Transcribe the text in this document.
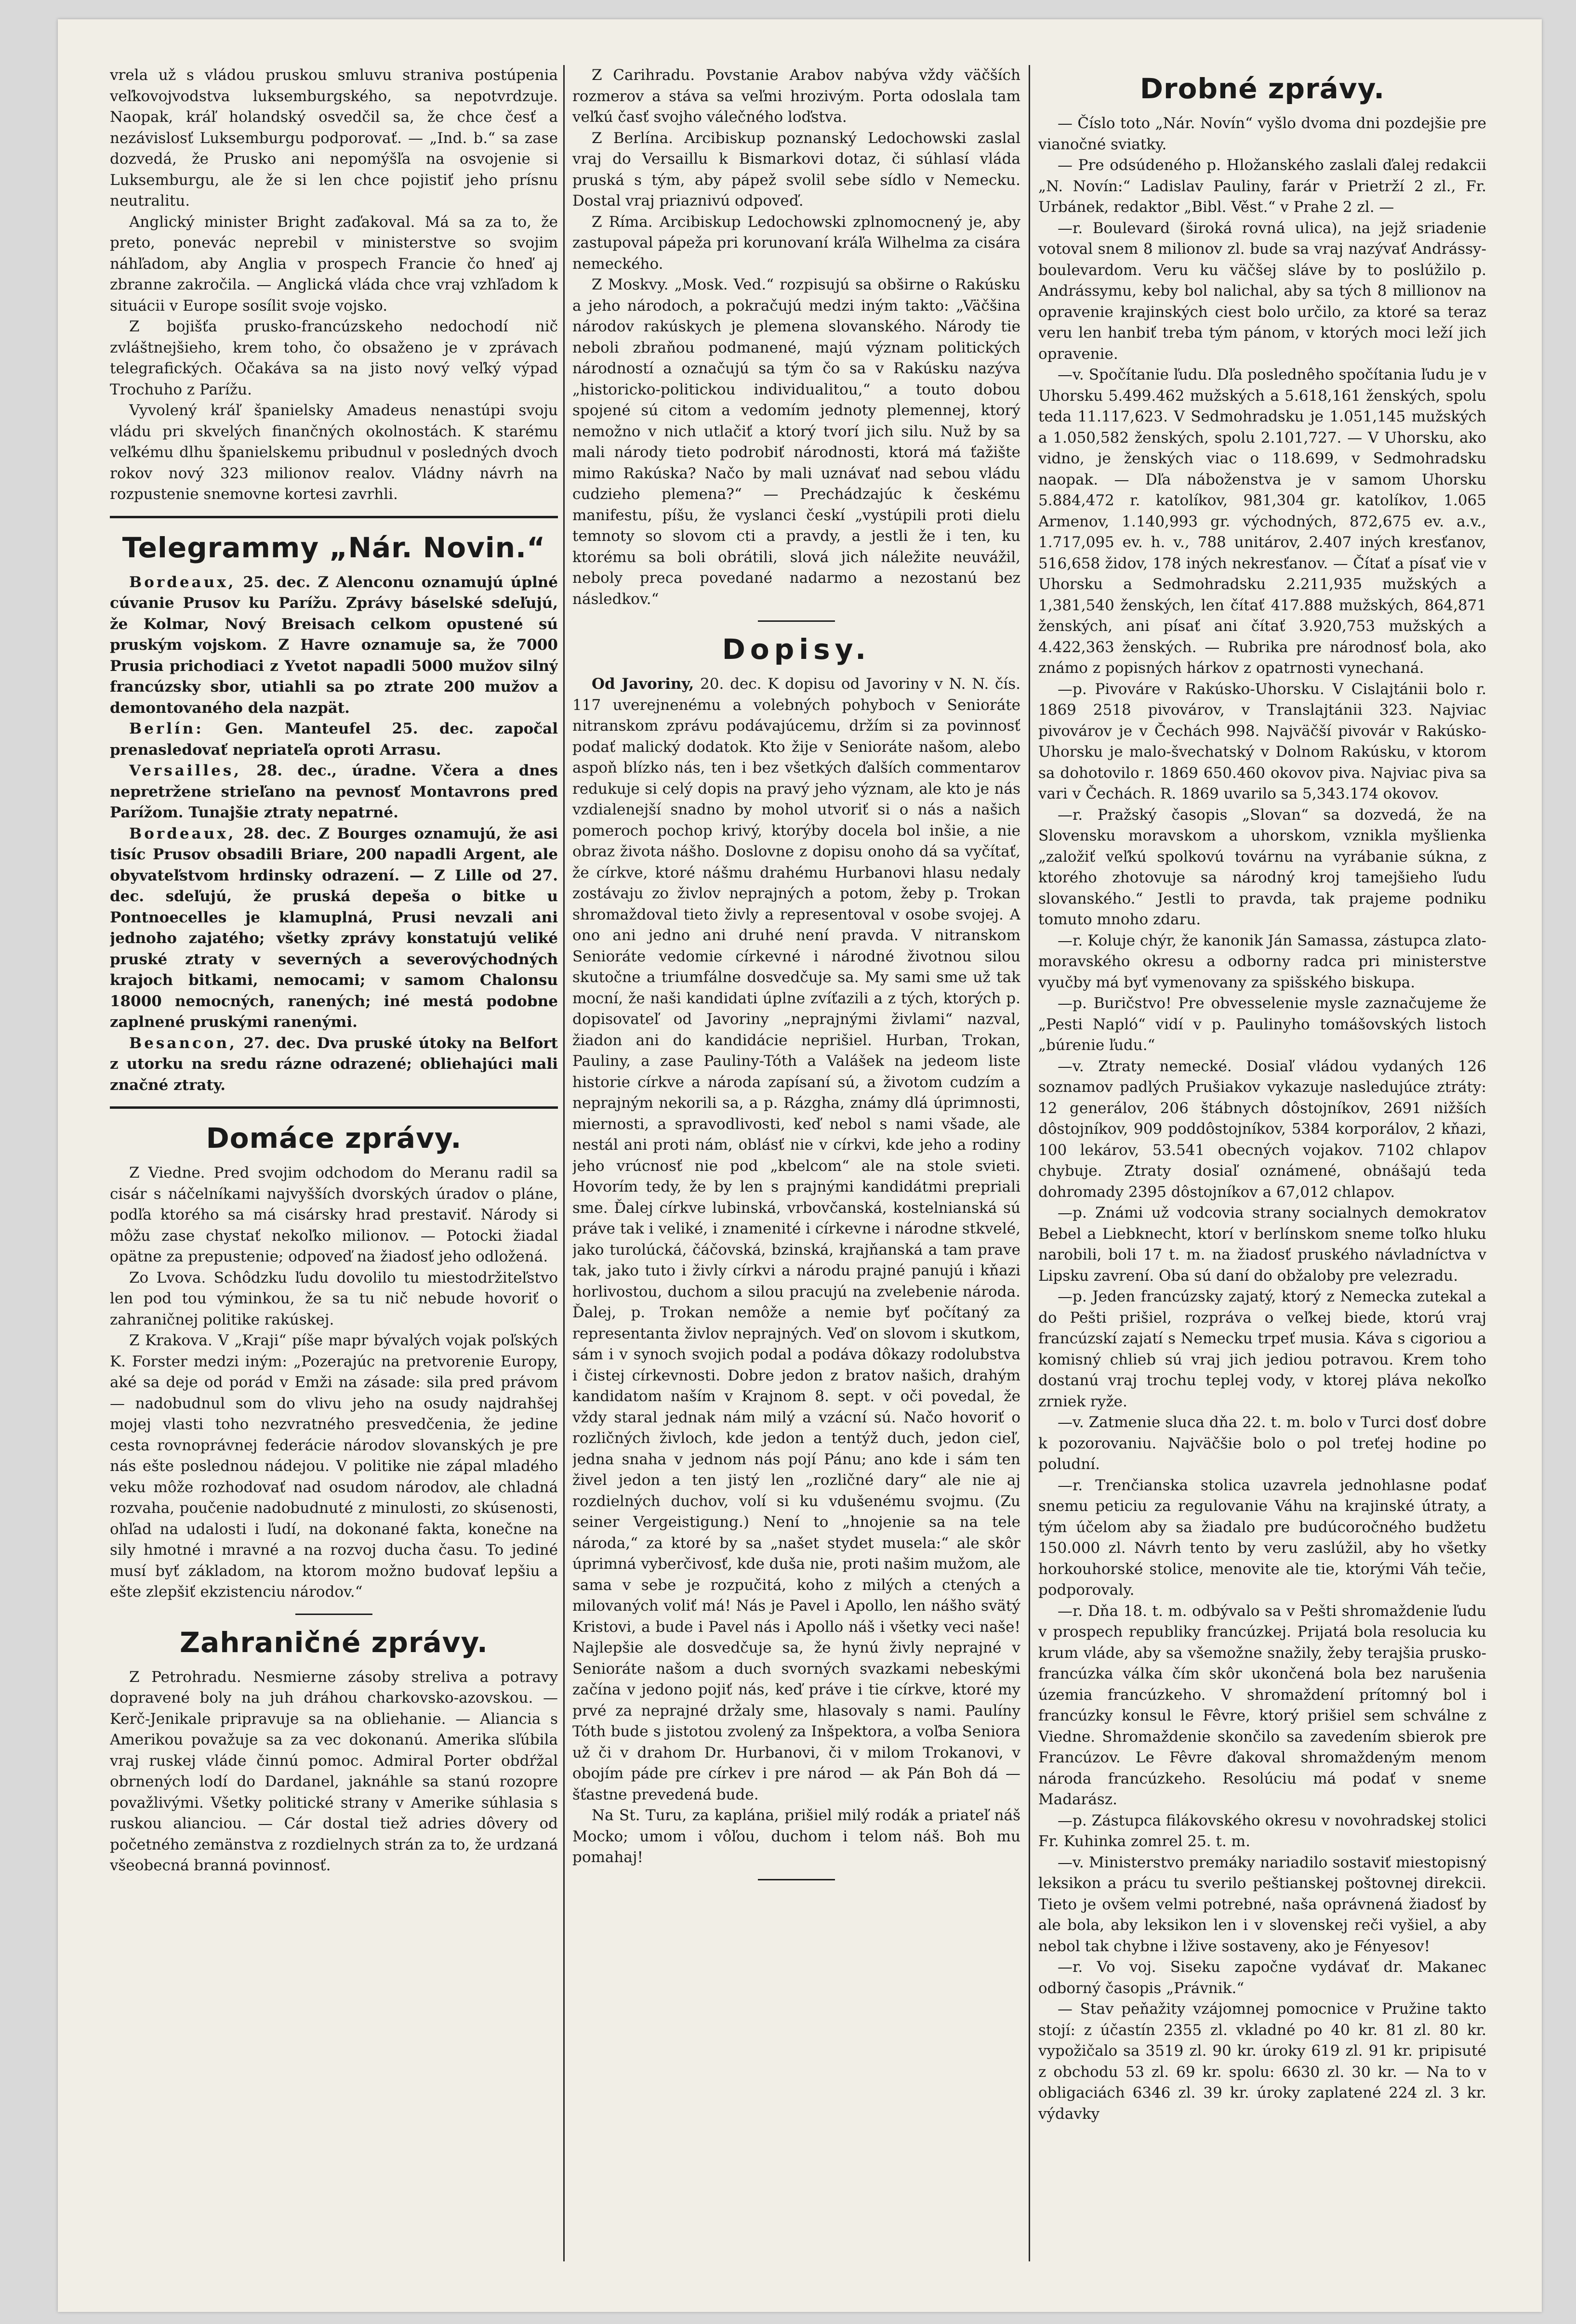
vrela už s vládou pruskou smluvu straniva postúpenia veľkovojvodstva luksemburgského, sa nepotvrdzuje. Naopak, kráľ holandský osvedčil sa, že chce česť a nezávislosť Luksemburgu podporovať. — „Ind. b.“ sa zase dozvedá, že Prusko ani nepomýšľa na osvojenie si Luksemburgu, ale že si len chce pojistiť jeho prísnu neutralitu.

Anglický minister Bright zaďakoval. Má sa za to, že preto, ponevác neprebil v ministerstve so svojim náhľadom, aby Anglia v prospech Francie čo hneď aj zbranne zakročila. — Anglická vláda chce vraj vzhľadom k situácii v Europe sosílit svoje vojsko.

Z bojišťa prusko-francúzskeho nedochodí nič zvláštnejšieho, krem toho, čo obsaženo je v zprávach telegrafických. Očakáva sa na jisto nový veľký výpad Trochuho z Parížu.

Vyvolený kráľ španielsky Amadeus nenastúpi svoju vládu pri skvelých finančných okolnostách. K starému veľkému dlhu španielskemu pribudnul v posledných dvoch rokov nový 323 milionov realov. Vládny návrh na rozpustenie snemovne kortesi zavrhli.

Telegrammy „Nár. Novin.“

Bordeaux, 25. dec. Z Alenconu oznamujú úplné cúvanie Prusov ku Parížu. Zprávy báselské sdeľujú, že Kolmar, Nový Breisach celkom opustené sú pruským vojskom. Z Havre oznamuje sa, že 7000 Prusia prichodiaci z Yvetot napadli 5000 mužov silný francúzsky sbor, utiahli sa po ztrate 200 mužov a demontovaného dela nazpät.

Berlín: Gen. Manteufel 25. dec. započal prenasledovať nepriateľa oproti Arrasu.

Versailles, 28. dec., úradne. Včera a dnes nepretržene strieľano na pevnosť Montavrons pred Parížom. Tunajšie ztraty nepatrné.

Bordeaux, 28. dec. Z Bourges oznamujú, že asi tisíc Prusov obsadili Briare, 200 napadli Argent, ale obyvateľstvom hrdinsky odrazení. — Z Lille od 27. dec. sdeľujú, že pruská depeša o bitke u Pontnoecelles je klamuplná, Prusi nevzali ani jednoho zajatého; všetky zprávy konstatujú veliké pruské ztraty v severných a severovýchodných krajoch bitkami, nemocami; v samom Chalonsu 18000 nemocných, ranených; iné mestá podobne zaplnené pruskými ranenými.

Besancon, 27. dec. Dva pruské útoky na Belfort z utorku na sredu rázne odrazené; obliehajúci mali značné ztraty.

Domáce zprávy.

Z Viedne. Pred svojim odchodom do Meranu radil sa cisár s náčelníkami najvyšších dvorských úradov o pláne, podľa ktorého sa má cisársky hrad prestaviť. Národy si môžu zase chystať nekoľko milionov. — Potocki žiadal opätne za prepustenie; odpoveď na žiadosť jeho odložená.

Zo Lvova. Schôdzku ľudu dovolilo tu miestodržiteľstvo len pod tou výminkou, že sa tu nič nebude hovoriť o zahraničnej politike rakúskej.

Z Krakova. V „Kraji“ píše mapr bývalých vojak poľských K. Forster medzi iným: „Pozerajúc na pretvorenie Europy, aké sa deje od porád v Emži na zásade: sila pred právom — nadobudnul som do vlivu jeho na osudy najdrahšej mojej vlasti toho nezvratného presvedčenia, že jedine cesta rovnoprávnej federácie národov slovanských je pre nás ešte poslednou nádejou. V politike nie zápal mladého veku môže rozhodovať nad osudom národov, ale chladná rozvaha, poučenie nadobudnuté z minulosti, zo skúsenosti, ohľad na udalosti i ľudí, na dokonané fakta, konečne na sily hmotné i mravné a na rozvoj ducha času. To jediné musí byť základom, na ktorom možno budovať lepšiu a ešte zlepšiť ekzistenciu národov.“

Zahraničné zprávy.

Z Petrohradu. Nesmierne zásoby streliva a potravy dopravené boly na juh dráhou charkovsko-azovskou. — Kerč-Jenikale pripravuje sa na obliehanie. — Aliancia s Amerikou považuje sa za vec dokonanú. Amerika sľúbila vraj ruskej vláde činnú pomoc. Admiral Porter obdŕžal obrnených lodí do Dardanel, jaknáhle sa stanú rozopre považlivými. Všetky politické strany v Amerike súhlasia s ruskou alianciou. — Cár dostal tiež adries dôvery od početného zemänstva z rozdielnych strán za to, že urdzaná všeobecná branná povinnosť.

Z Carihradu. Povstanie Arabov nabýva vždy väčších rozmerov a stáva sa veľmi hrozivým. Porta odoslala tam veľkú časť svojho válečného loďstva.

Z Berlína. Arcibiskup poznanský Ledochowski zaslal vraj do Versaillu k Bismarkovi dotaz, či súhlasí vláda pruská s tým, aby pápež svolil sebe sídlo v Nemecku. Dostal vraj priaznivú odpoveď.

Z Ríma. Arcibiskup Ledochowski zplnomocnený je, aby zastupoval pápeža pri korunovaní kráľa Wilhelma za cisára nemeckého.

Z Moskvy. „Mosk. Ved.“ rozpisujú sa obširne o Rakúsku a jeho národoch, a pokračujú medzi iným takto: „Väčšina národov rakúskych je plemena slovanského. Národy tie neboli zbraňou podmanené, majú význam politických národností a označujú sa tým čo sa v Rakúsku nazýva „historicko-politickou individualitou,“ a touto dobou spojené sú citom a vedomím jednoty plemennej, ktorý nemožno v nich utlačiť a ktorý tvorí jich silu. Nuž by sa mali národy tieto podrobiť národnosti, ktorá má ťažište mimo Rakúska? Načo by mali uznávať nad sebou vládu cudzieho plemena?“ — Prechádzajúc k českému manifestu, píšu, že vyslanci českí „vystúpili proti dielu temnoty so slovom cti a pravdy, a jestli že i ten, ku ktorému sa boli obrátili, slová jich náležite neuvážil, neboly preca povedané nadarmo a nezostanú bez následkov.“

Dopisy.

Od Javoriny, 20. dec. K dopisu od Javoriny v N. N. čís. 117 uverejnenému a volebných pohyboch v Senioráte nitranskom zprávu podávajúcemu, držím si za povinnosť podať malický dodatok. Kto žije v Senioráte našom, alebo aspoň blízko nás, ten i bez všetkých ďalších commentarov redukuje si celý dopis na pravý jeho význam, ale kto je nás vzdialenejší snadno by mohol utvoriť si o nás a našich pomeroch pochop krivý, ktorýby docela bol inšie, a nie obraz života nášho. Doslovne z dopisu onoho dá sa vyčítať, že církve, ktoré nášmu drahému Hurbanovi hlasu nedaly zostávaju zo živlov neprajných a potom, žeby p. Trokan shromaždoval tieto živly a representoval v osobe svojej. A ono ani jedno ani druhé není pravda. V nitranskom Senioráte vedomie církevné i národné životnou silou skutočne a triumfálne dosvedčuje sa. My sami sme už tak mocní, že naši kandidati úplne zvíťazili a z tých, ktorých p. dopisovateľ od Javoriny „neprajnými živlami“ nazval, žiadon ani do kandidácie neprišiel. Hurban, Trokan, Pauliny, a zase Pauliny-Tóth a Valášek na jedeom liste historie církve a národa zapísaní sú, a životom cudzím a neprajným nekorili sa, a p. Rázgha, známy dlá úprimnosti, miernosti, a spravodlivosti, keď nebol s nami všade, ale nestál ani proti nám, oblásť nie v církvi, kde jeho a rodiny jeho vrúcnosť nie pod „kbelcom“ ale na stole svieti. Hovorím tedy, že by len s prajnými kandidátmi prepriali sme. Ďalej církve lubinská, vrbovčanská, kostelnianská sú práve tak i veliké, i znamenité i církevne i národne stkvelé, jako turolúcká, čáčovská, bzinská, krajňanská a tam prave tak, jako tuto i živly církvi a národu prajné panujú i kňazi horlivostou, duchom a silou pracujú na zvelebenie národa. Ďalej, p. Trokan nemôže a nemie byť počítaný za representanta živlov neprajných. Veď on slovom i skutkom, sám i v synoch svojich podal a podáva dôkazy rodolubstva i čistej církevnosti. Dobre jedon z bratov našich, drahým kandidatom naším v Krajnom 8. sept. v oči povedal, že vždy staral jednak nám milý a vzácní sú. Načo hovoriť o rozličných živloch, kde jedon a tentýž duch, jedon cieľ, jedna snaha v jednom nás pojí Pánu; ano kde i sám ten živel jedon a ten jistý len „rozličné dary“ ale nie aj rozdielných duchov, volí si ku vdušenému svojmu. (Zu seiner Vergeistigung.) Není to „hnojenie sa na tele národa,“ za ktoré by sa „našet stydet musela:“ ale skôr úprimná vyberčivosť, kde duša nie, proti našim mužom, ale sama v sebe je rozpučitá, koho z milých a ctených a milovaných voliť má! Nás je Pavel i Apollo, len nášho svätý Kristovi, a bude i Pavel nás i Apollo náš i všetky veci naše! Najlepšie ale dosvedčuje sa, že hynú živly neprajné v Senioráte našom a duch svorných svazkami nebeskými začína v jedono pojiť nás, keď práve i tie církve, ktoré my prvé za neprajné držaly sme, hlasovaly s nami. Paulíny Tóth bude s jistotou zvolený za Inšpektora, a voľba Seniora už či v drahom Dr. Hurbanovi, či v milom Trokanovi, v obojím páde pre církev i pre národ — ak Pán Boh dá — šťastne prevedená bude.

Na St. Turu, za kaplána, prišiel milý rodák a priateľ náš Mocko; umom i vôľou, duchom i telom náš. Boh mu pomahaj!

Drobné zprávy.

— Číslo toto „Nár. Novín“ vyšlo dvoma dni pozdejšie pre vianočné sviatky.

— Pre odsúdeného p. Hložanského zaslali ďalej redakcii „N. Novín:“ Ladislav Pauliny, farár v Prietrží 2 zl., Fr. Urbánek, redaktor „Bibl. Věst.“ v Prahe 2 zl. —

—r. Boulevard (široká rovná ulica), na jejž sriadenie votoval snem 8 milionov zl. bude sa vraj nazývať Andrássy-boulevardom. Veru ku väčšej sláve by to poslúžilo p. Andrássymu, keby bol nalichal, aby sa tých 8 millionov na opravenie krajinských ciest bolo určilo, za ktoré sa teraz veru len hanbiť treba tým pánom, v ktorých moci leží jich opravenie.

—v. Spočítanie ľudu. Dľa poslednêho spočítania ľudu je v Uhorsku 5.499.462 mužských a 5.618,161 ženských, spolu teda 11.117,623. V Sedmohradsku je 1.051,145 mužských a 1.050,582 ženských, spolu 2.101,727. — V Uhorsku, ako vidno, je ženských viac o 118.699, v Sedmohradsku naopak. — Dľa náboženstva je v samom Uhorsku 5.884,472 r. katolíkov, 981,304 gr. katolíkov, 1.065 Armenov, 1.140,993 gr. východných, 872,675 ev. a.v., 1.717,095 ev. h. v., 788 unitárov, 2.407 iných kresťanov, 516,658 židov, 178 iných nekresťanov. — Čítať a písať vie v Uhorsku a Sedmohradsku 2.211,935 mužských a 1,381,540 ženských, len čítať 417.888 mužských, 864,871 ženských, ani písať ani čítať 3.920,753 mužských a 4.422,363 ženských. — Rubrika pre národnosť bola, ako známo z popisných hárkov z opatrnosti vynechaná.

—p. Pivováre v Rakúsko-Uhorsku. V Cislajtánii bolo r. 1869 2518 pivovárov, v Translajtánii 323. Najviac pivovárov je v Čechách 998. Najväčší pivovár v Rakúsko-Uhorsku je malo-švechatský v Dolnom Rakúsku, v ktorom sa dohotovilo r. 1869 650.460 okovov piva. Najviac piva sa vari v Čechách. R. 1869 uvarilo sa 5,343.174 okovov.

—r. Pražský časopis „Slovan“ sa dozvedá, že na Slovensku moravskom a uhorskom, vznikla myšlienka „založiť veľkú spolkovú továrnu na vyrábanie súkna, z ktorého zhotovuje sa národný kroj tamejšieho ľudu slovanského.“ Jestli to pravda, tak prajeme podniku tomuto mnoho zdaru.

—r. Koluje chýr, že kanonik Ján Samassa, zástupca zlato-moravského okresu a odborny radca pri ministerstve vyučby má byť vymenovany za spišského biskupa.

—p. Buričstvo! Pre obvesselenie mysle zaznačujeme že „Pesti Napló“ vidí v p. Paulinyho tomášovských listoch „búrenie ľudu.“

—v. Ztraty nemecké. Dosiaľ vládou vydaných 126 soznamov padlých Prušiakov vykazuje nasledujúce ztráty: 12 generálov, 206 štábnych dôstojníkov, 2691 nižších dôstojníkov, 909 poddôstojníkov, 5384 korporálov, 2 kňazi, 100 lekárov, 53.541 obecných vojakov. 7102 chlapov chybuje. Ztraty dosiaľ oznámené, obnášajú teda dohromady 2395 dôstojníkov a 67,012 chlapov.

—p. Známi už vodcovia strany socialnych demokratov Bebel a Liebknecht, ktorí v berlínskom sneme toľko hluku narobili, boli 17 t. m. na žiadosť pruského návladníctva v Lipsku zavrení. Oba sú daní do obžaloby pre velezradu.

—p. Jeden francúzsky zajatý, ktorý z Nemecka zutekal a do Pešti prišiel, rozpráva o veľkej biede, ktorú vraj francúzskí zajatí s Nemecku trpeť musia. Káva s cigoriou a komisný chlieb sú vraj jich jediou potravou. Krem toho dostanú vraj trochu teplej vody, v ktorej pláva nekoľko zrniek ryže.

—v. Zatmenie sluca dňa 22. t. m. bolo v Turci dosť dobre k pozorovaniu. Najväčšie bolo o pol treťej hodine po poludní.

—r. Trenčianska stolica uzavrela jednohlasne podať snemu peticiu za regulovanie Váhu na krajinské útraty, a tým účelom aby sa žiadalo pre budúcoročného budžetu 150.000 zl. Návrh tento by veru zaslúžil, aby ho všetky horkouhorské stolice, menovite ale tie, ktorými Váh tečie, podporovaly.

—r. Dňa 18. t. m. odbývalo sa v Pešti shromaždenie ľudu v prospech republiky francúzkej. Prijatá bola resolucia ku krum vláde, aby sa všemožne snažily, žeby terajšia prusko-francúzka válka čím skôr ukončená bola bez narušenia územia francúzkeho. V shromaždení prítomný bol i francúzky konsul le Fêvre, ktorý prišiel sem schválne z Viedne. Shromaždenie skončilo sa zavedením sbierok pre Francúzov. Le Fêvre ďakoval shromaždeným menom národa francúzkeho. Resolúciu má podať v sneme Madarász.

—p. Zástupca filákovského okresu v novohradskej stolici Fr. Kuhinka zomrel 25. t. m.

—v. Ministerstvo premáky nariadilo sostaviť miestopisný leksikon a prácu tu sverilo peštianskej poštovnej direkcii. Tieto je ovšem velmi potrebné, naša oprávnená žiadosť by ale bola, aby leksikon len i v slovenskej reči vyšiel, a aby nebol tak chybne i lžive sostaveny, ako je Fényesov!

—r. Vo voj. Siseku započne vydávať dr. Makanec odborný časopis „Právnik.“

— Stav peňažity vzájomnej pomocnice v Pružine takto stojí: z účastín 2355 zl. vkladné po 40 kr. 81 zl. 80 kr. vypožičalo sa 3519 zl. 90 kr. úroky 619 zl. 91 kr. pripisuté z obchodu 53 zl. 69 kr. spolu: 6630 zl. 30 kr. — Na to v obligaciách 6346 zl. 39 kr. úroky zaplatené 224 zl. 3 kr. výdavky
